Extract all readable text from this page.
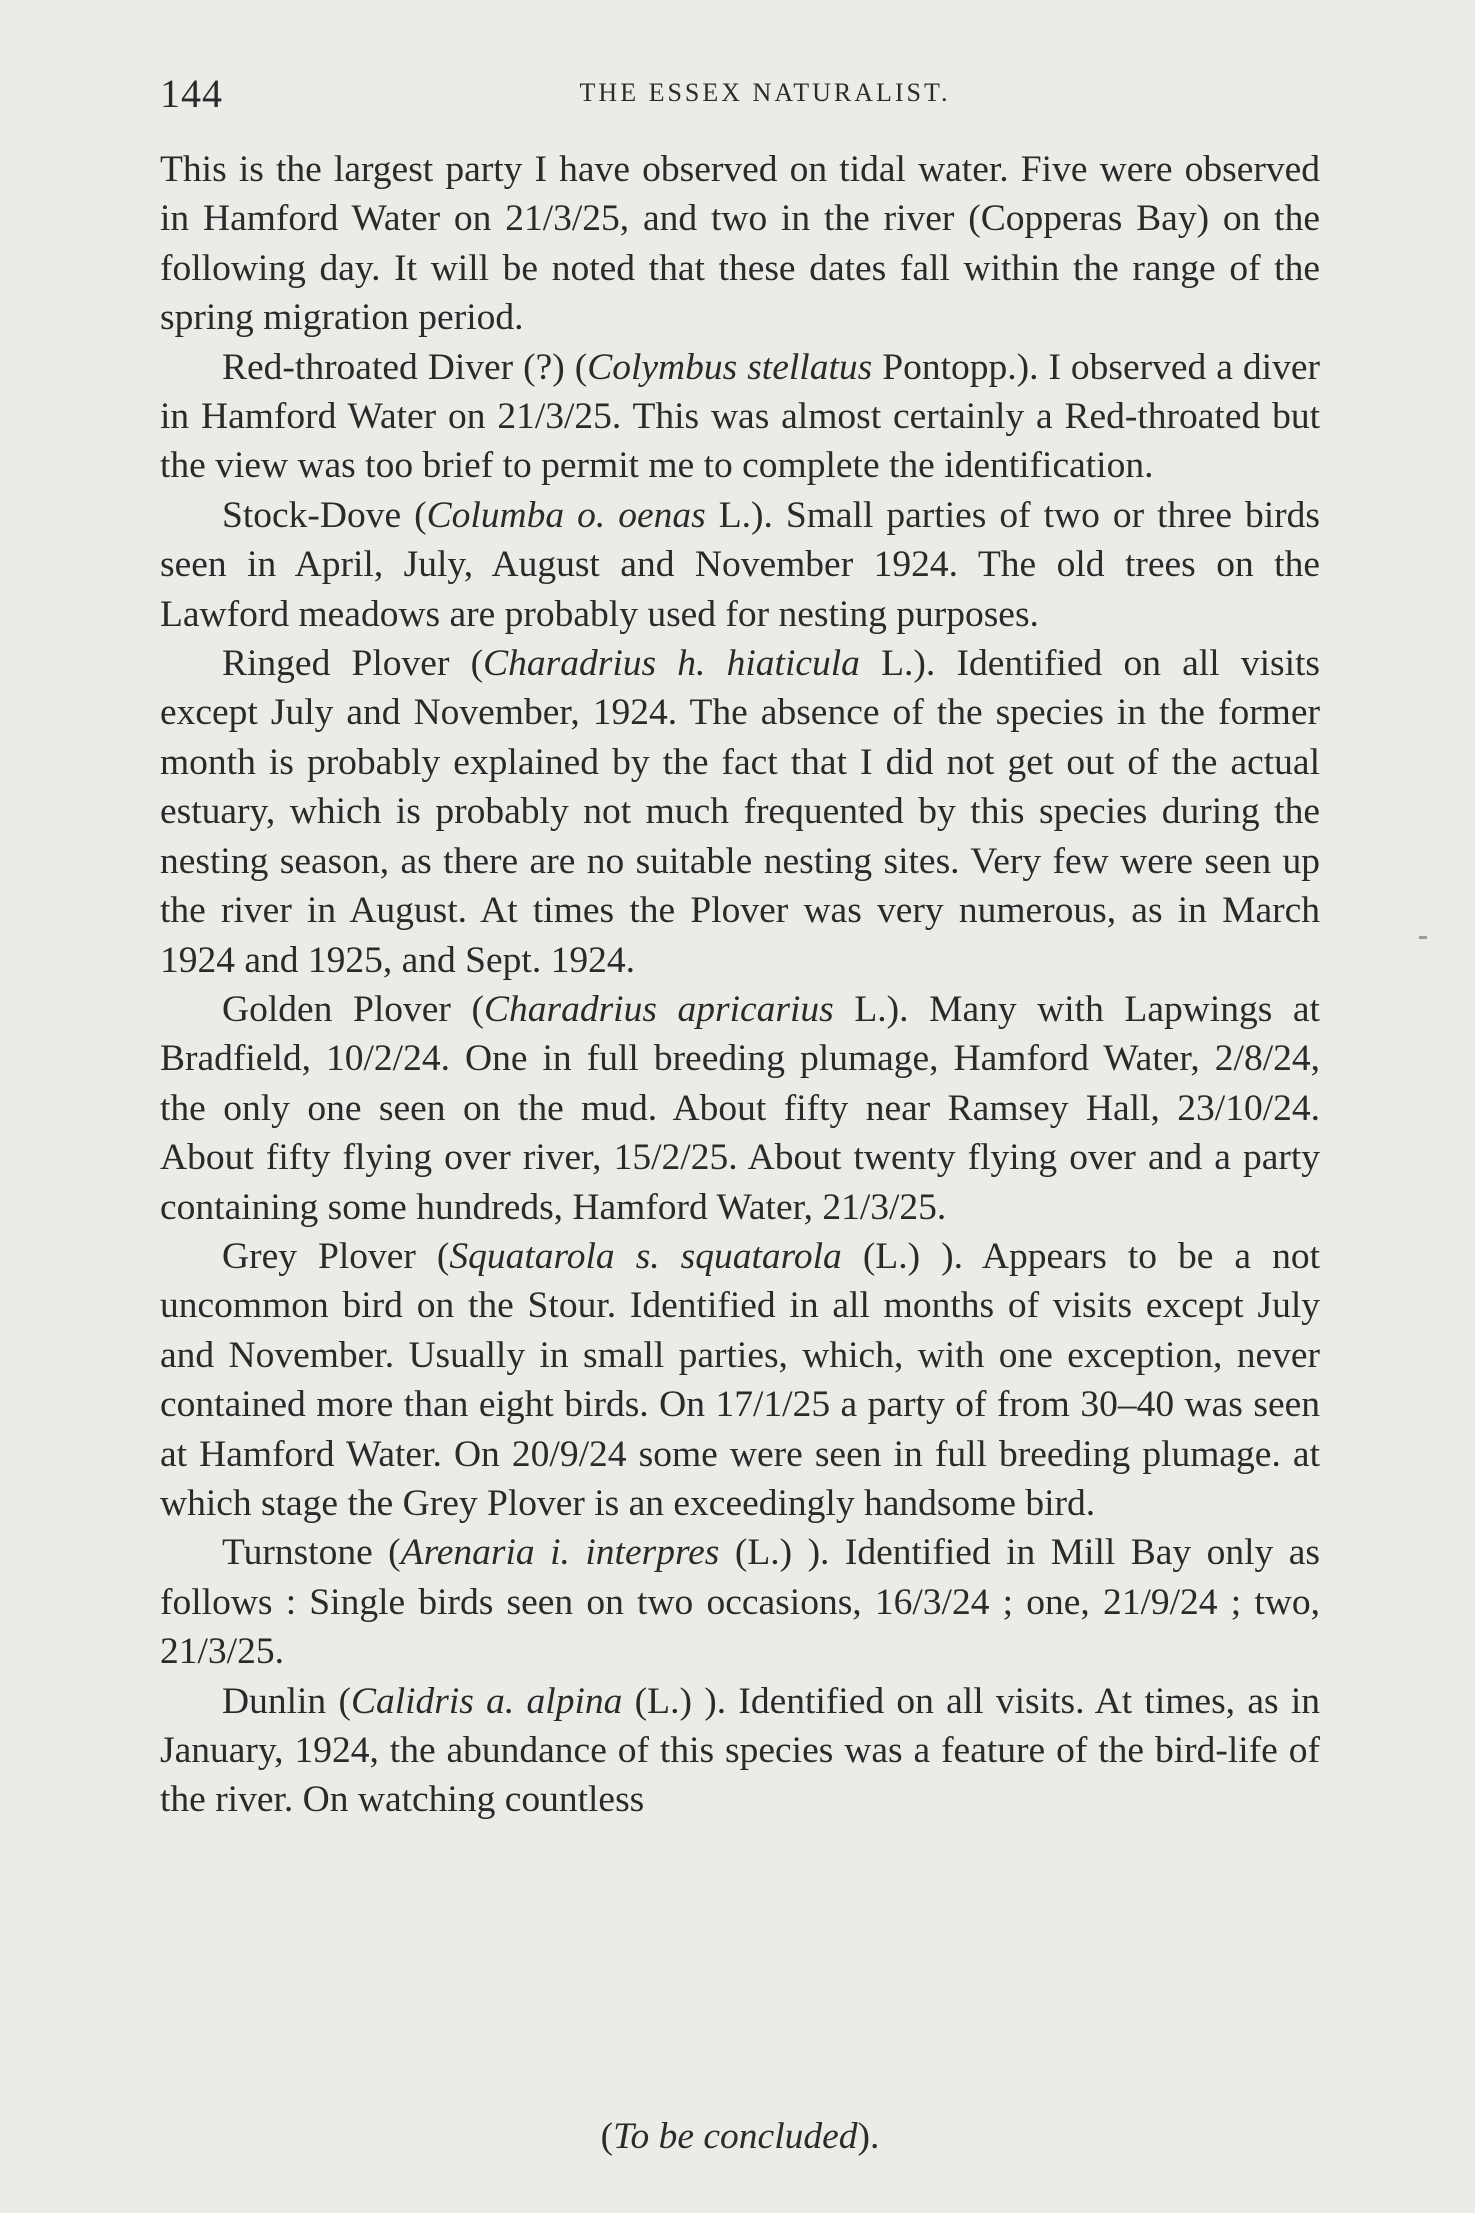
144	THE ESSEX NATURALIST.

This is the largest party I have observed on tidal water. Five were observed in Hamford Water on 21/3/25, and two in the river (Copperas Bay) on the following day. It will be noted that these dates fall within the range of the spring migration period.

Red-throated Diver (?) (Colymbus stellatus Pontopp.). I observed a diver in Hamford Water on 21/3/25. This was almost certainly a Red-throated but the view was too brief to permit me to complete the identification.

Stock-Dove (Columba o. oenas L.). Small parties of two or three birds seen in April, July, August and November 1924. The old trees on the Lawford meadows are probably used for nesting purposes.

Ringed Plover (Charadrius h. hiaticula L.). Identified on all visits except July and November, 1924. The absence of the species in the former month is probably explained by the fact that I did not get out of the actual estuary, which is probably not much frequented by this species during the nesting season, as there are no suitable nesting sites. Very few were seen up the river in August. At times the Plover was very numerous, as in March 1924 and 1925, and Sept. 1924.

Golden Plover (Charadrius apricarius L.). Many with Lapwings at Bradfield, 10/2/24. One in full breeding plumage, Hamford Water, 2/8/24, the only one seen on the mud. About fifty near Ramsey Hall, 23/10/24. About fifty flying over river, 15/2/25. About twenty flying over and a party containing some hundreds, Hamford Water, 21/3/25.

Grey Plover (Squatarola s. squatarola (L.) ). Appears to be a not uncommon bird on the Stour. Identified in all months of visits except July and November. Usually in small parties, which, with one exception, never contained more than eight birds. On 17/1/25 a party of from 30–40 was seen at Hamford Water. On 20/9/24 some were seen in full breeding plumage. at which stage the Grey Plover is an exceedingly handsome bird.

Turnstone (Arenaria i. interpres (L.) ). Identified in Mill Bay only as follows : Single birds seen on two occasions, 16/3/24 ; one, 21/9/24 ; two, 21/3/25.

Dunlin (Calidris a. alpina (L.) ). Identified on all visits. At times, as in January, 1924, the abundance of this species was a feature of the bird-life of the river. On watching countless

(To be concluded).
